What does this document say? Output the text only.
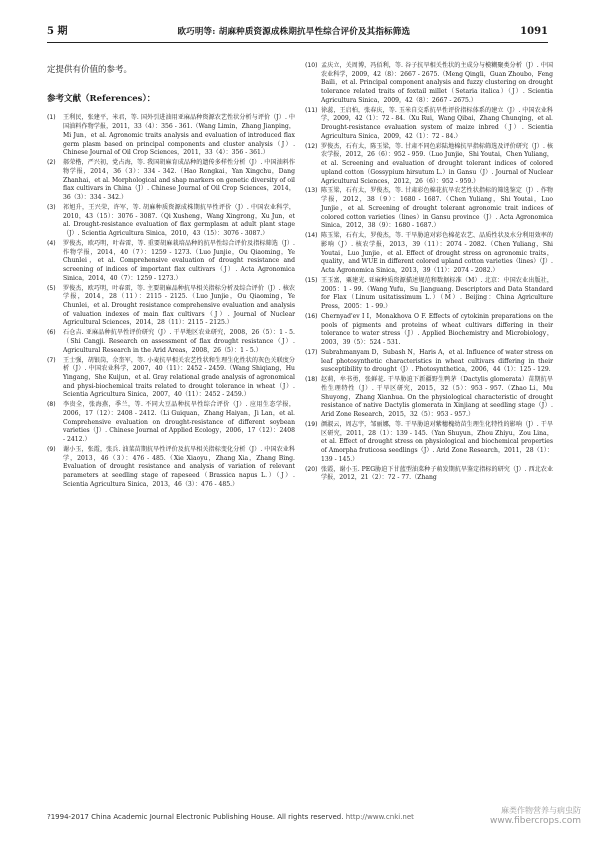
5 期	欧巧明等: 胡麻种质资源成株期抗旱性综合评价及其指标筛选	1091
定提供有价值的参考。
参考文献（References）：
(1)	王利民，张建平，米君，等. 国外引进油用亚麻品种资源农艺性状分析与评价（J）. 中国油料作物学报，2011，33（4）：356 - 361.（Wang Limin，Zhang Jianping，Mi Jun，et al. Agronomic traits analysis and evaluation of introduced flax germ plasm based on principal components and cluster analysis（J）. Chinese Journal of Oil Crop Sciences，2011，33（4）：356 - 361.）
(2)	郝荣楷，严兴初，党占海，等. 我国胡麻育成品种的遗传多样性分析（J）. 中国油料作物学报，2014，36（3）：334 - 342.（Hao Rongkai，Yan Xingchu，Dang Zhanhai，et al. Morphological and shap markers on genetic diversity of oil flax cultivars in China（J）. Chinese Journal of Oil Crop Sciences，2014，36（3）：334 - 342.）
(3)	祁旭升，王兴荣，许军，等. 胡麻种质资源成株期抗旱性评价（J）. 中国农业科学，2010，43（15）：3076 - 3087.（Qi Xusheng，Wang Xingrong，Xu Jun，et al. Drought-resistance evaluation of flax germplasm at adult plant stage（J）. Scientia Agricultura Sinica，2010，43（15）：3076 - 3087.）
(4)	罗俊杰，欧巧明，叶春雷，等. 重要胡麻栽培品种的抗旱性综合评价及指标筛选（J）. 作物学报，2014，40（7）：1259 - 1273.（Luo Junjie，Ou Qiaoming，Ye Chunlei，et al. Comprehensive evaluation of drought resistance and screening of indices of important flax cultivars（J）. Acta Agronomica Sinica，2014，40（7）：1259 - 1273.）
(5)	罗俊杰，欧巧明，叶春雷，等. 主要胡麻品种抗旱相关指标分析及综合评价（J）. 核农学报，2014，28（11）：2115 - 2125.（Luo Junjie，Ou Qiaoming，Ye Chunlei，et al. Drought resistance comprehensive evaluation and analysis of valuation indexes of main flax cultivars（J）. Journal of Nuclear Agricultural Sciences，2014，28（11）：2115 - 2125.）
(6)	石仓吉. 亚麻品种抗旱性评价研究（J）. 干旱地区农业研究，2008，26（5）：1 - 5.（Shi Cangji. Research on assessment of flax drought resistance（J）. Agricultural Research in the Arid Areas，2008，26（5）：1 - 5.）
(7)	王士强，胡银岗，佘奎军，等. 小麦抗旱相关农艺性状和生理生化性状的灰色关联度分析（J）. 中国农业科学，2007，40（11）：2452 - 2459.（Wang Shiqiang，Hu Yingang，She Kuijun，et al. Gray relational grade analysis of agronomical and physi-biochemical traits related to drought tolerance in wheat（J）. Scientia Agricultura Sinica，2007，40（11）：2452 - 2459.）
(8)	李贵全，张海燕，季兰，等. 不同大豆品种抗旱性综合评价（J）. 应用生态学报，2006，17（12）：2408 - 2412.（Li Guiquan，Zhang Haiyan，Ji Lan，et al. Comprehensive evaluation on drought-resistance of different soybean varieties（J）. Chinese Journal of Applied Ecology，2006，17（12）：2408 - 2412.）
(9)	谢小玉，张霞，张兵. 油菜苗期抗旱性评价及抗旱相关指标变化分析（J）. 中国农业科学，2013，46（3）：476 - 485.（Xie Xiaoyu，Zhang Xia，Zhang Bing. Evaluation of drought resistance and analysis of variation of relevant parameters at seedling stage of rapeseed（Brassica napus L.）（J）. Scientia Agricultura Sinica，2013，46（3）：476 - 485.）
(10) 孟庆立，关周博，冯佰利，等. 谷子抗旱相关性状的主成分与模糊聚类分析（J）. 中国农业科学，2009，42（8）：2667 - 2675.（Meng Qingli，Guan Zhoubo，Feng Baili，et al. Principal component analysis and fuzzy clustering on drought tolerance related traits of foxtail millet（Setaria italica）（J）. Scientia Agricultura Sinica，2009，42（8）：2667 - 2675.）
(11) 徐蕊，王启柏，张春庆，等. 玉米自交系抗旱性评价指标体系的建立（J）. 中国农业科学，2009，42（1）：72 - 84.（Xu Rui，Wang Qibai，Zhang Chunqing，et al. Drought-resistance evaluation system of maize inbred（J）. Scientia Agricultura Sinica，2009，42（1）：72 - 84.）
(12) 罗俊杰，石有太，陈玉梁，等. 甘肃不同色彩陆地棉抗旱指标筛选及评价研究（J）. 核农学报，2012，26（6）：952 - 959.（Luo Junjie，Shi Youtai，Chen Yuliang，et al. Screening and evaluation of drought tolerant indices of colored upland cotton（Gossypium hirsutum L.）in Gansu（J）. Journal of Nuclear Agricultural Sciences，2012，26（6）：952 - 959.）
(13) 陈玉梁，石有太，罗俊杰，等. 甘肃彩色棉花抗旱农艺性状指标的筛选鉴定（J）. 作物学报，2012，38（9）：1680 - 1687.（Chen Yuliang，Shi Youtai，Luo Junjie，et al. Screening of drought tolerant agronomic trait indices of colored cotton varieties（lines）in Gansu province（J）. Acta Agronomica Sinica，2012，38（9）：1680 - 1687.）
(14) 陈玉梁，石有太，罗俊杰，等. 干旱胁迫对彩色棉花农艺、品质性状及水分利用效率的影响（J）. 核农学报，2013，39（11）：2074 - 2082.（Chen Yuliang，Shi Youtai，Luo Junjie，et al. Effect of drought stress on agronomic traits，quality，and WUE in different colored upland cotton varieties（lines）（J）. Acta Agronomica Sinica，2013，39（11）：2074 - 2082.）
(15) 王玉富，粟建光. 亚麻种质资源描述规范和数据标准（M）. 北京：中国农业出版社，2005：1 - 99.（Wang Yufu，Su Jianguang. Descriptors and Data Standard for Flax（Linum usitatissimum L.）（M）. Beijing：China Agriculture Press，2005：1 - 99.）
(16) Chernyad'ev I I，Monakhova O F. Effects of cytokinin preparations on the pools of pigments and proteins of wheat cultivars differing in their tolerance to water stress（J）. Applied Biochemistry and Microbiology，2003，39（5）：524 - 531.
(17) Subrahmanyam D，Subash N，Haris A，et al. Influence of water stress on leaf photosynthetic characteristics in wheat cultivars differing in their susceptibility to drought（J）. Photosynthetica，2006，44（1）：125 - 129.
(18) 赵莉，牟书勇，张鲜花. 干旱胁迫下新疆野生鸭茅（Dactylis glomerata）苗期抗旱性生理特性（J）. 干旱区研究，2015，32（5）：953 - 957.（Zhao Li，Mu Shuyong，Zhang Xianhua. On the physiological characteristic of drought resistance of native Dactylis glomerata in Xinjiang at seedling stage（J）. Arid Zone Research，2015，32（5）：953 - 957.）
(19) 颜淑云，周志宇，邹丽娜，等. 干旱胁迫对紫穗槐幼苗生理生化特性的影响（J）. 干旱区研究，2011，28（1）：139 - 145.（Yan Shuyun，Zhou Zhiyu，Zou Lina，et al. Effect of drought stress on physiological and biochemical properties of Amorpha fruticosa seedlings（J）. Arid Zone Research，2011，28（1）：139 - 145.）
(20) 张霞，谢小玉. PEG胁迫下甘蓝型油菜种子萌发期抗旱鉴定指标的研究（J）. 西北农业学报，2012，21（2）：72 - 77.（Zhang
?1994-2017 China Academic Journal Electronic Publishing House. All rights reserved. http://www.cnki.net
麻类作物营养与病虫防
www.fibercrops.com
